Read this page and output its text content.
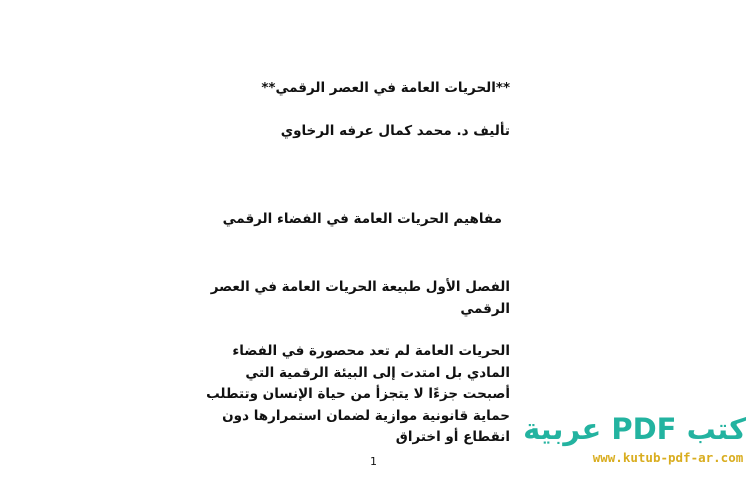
**الحريات العامة في العصر الرقمي**
تأليف د. محمد كمال عرفه الرخاوي
مفاهيم الحريات العامة في الفضاء الرقمي
الفصل الأول طبيعة الحريات العامة في العصر
الرقمي
الحريات العامة لم تعد محصورة في الفضاء
المادي بل امتدت إلى البيئة الرقمية التي
أصبحت جزءًا لا يتجزأ من حياة الإنسان وتتطلب
حماية قانونية موازية لضمان استمرارها دون
انقطاع أو اختراق
1
كتب PDF عربية
www.kutub-pdf-ar.com
